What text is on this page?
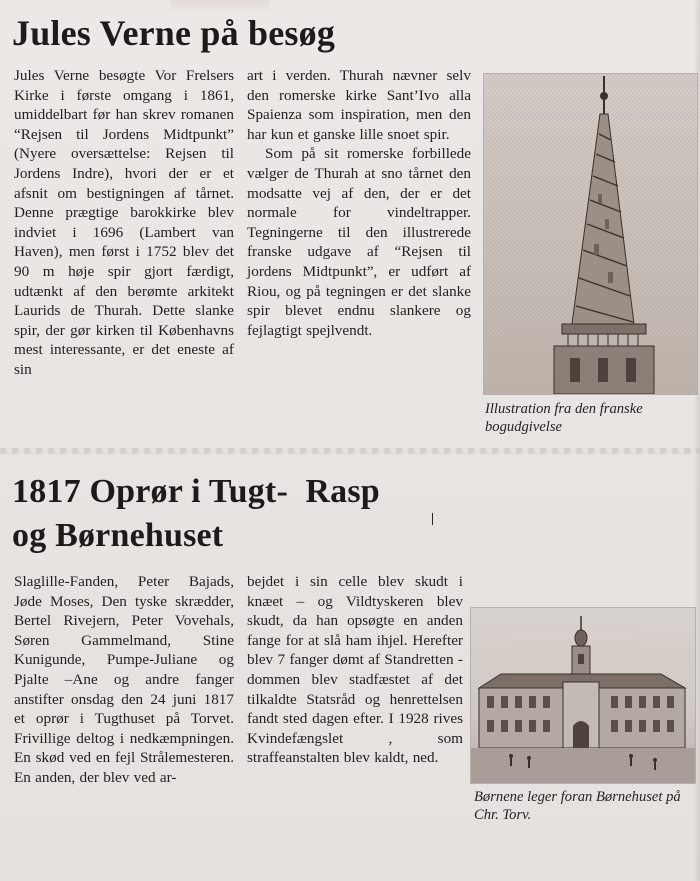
Jules Verne på besøg

Jules Verne besøgte Vor Frelsers Kirke i første omgang i 1861, umiddelbart før han skrev romanen “Rejsen til Jordens Midtpunkt” (Nyere oversættelse: Rejsen til Jordens Indre), hvori der er et afsnit om bestigningen af tårnet. Denne prægtige barokkirke blev indviet i 1696 (Lambert van Haven), men først i 1752 blev det 90 m høje spir gjort færdigt, udtænkt af den berømte arkitekt Laurids de Thurah. Dette slanke spir, der gør kirken til Københavns mest interessante, er det eneste af sin

art i verden. Thurah nævner selv den romerske kirke Sant’Ivo alla Spaienza som inspiration, men den har kun et ganske lille snoet spir.
Som på sit romerske forbillede vælger de Thurah at sno tårnet den modsatte vej af den, der er det normale for vindeltrapper. Tegningerne til den illustrerede franske udgave af “Rejsen til jordens Midtpunkt”, er udført af Riou, og på tegningen er det slanke spir blevet endnu slankere og fejlagtigt spejlvendt.

Illustration fra den franske bogudgivelse

1817 Oprør i Tugt-  Rasp
og Børnehuset

Slaglille-Fanden, Peter Bajads, Jøde Moses, Den tyske skrædder, Bertel Rivejern, Peter Vovehals, Søren Gammelmand, Stine Kunigunde, Pumpe-Juliane og Pjalte –Ane og andre fanger anstifter onsdag den 24 juni 1817 et oprør i Tugthuset på Torvet. Frivillige deltog i nedkæmpningen. En skød ved en fejl Strålemesteren. En anden, der blev ved ar-

bejdet i sin celle blev skudt i knæet – og Vildtyskeren blev skudt, da han opsøgte en anden fange for at slå ham ihjel. Herefter blev 7 fanger dømt af Standretten - dommen blev stadfæstet af det tilkaldte Statsråd og henrettelsen fandt sted dagen efter. I 1928 rives Kvindefængslet , som straffeanstalten blev kaldt, ned.

Børnene leger foran Børnehuset på Chr. Torv.
